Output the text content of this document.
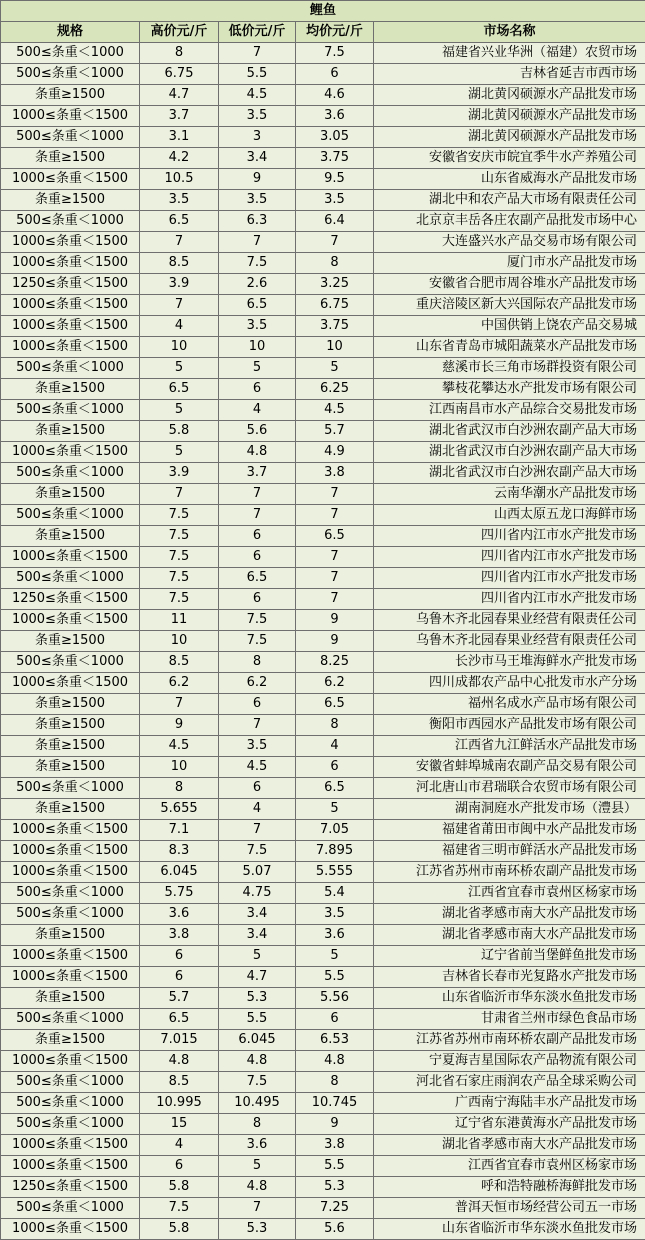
鲤鱼				
规格	高价元/斤	低价元/斤	均价元/斤	市场名称
500≤条重＜1000	8	7	7.5	福建省兴业华洲（福建）农贸市场
500≤条重＜1000	6.75	5.5	6	吉林省延吉市西市场
条重≥1500	4.7	4.5	4.6	湖北黄冈硕源水产品批发市场
1000≤条重＜1500	3.7	3.5	3.6	湖北黄冈硕源水产品批发市场
500≤条重＜1000	3.1	3	3.05	湖北黄冈硕源水产品批发市场
条重≥1500	4.2	3.4	3.75	安徽省安庆市皖宜季牛水产养殖公司
1000≤条重＜1500	10.5	9	9.5	山东省威海水产品批发市场
条重≥1500	3.5	3.5	3.5	湖北中和农产品大市场有限责任公司
500≤条重＜1000	6.5	6.3	6.4	北京京丰岳各庄农副产品批发市场中心
1000≤条重＜1500	7	7	7	大连盛兴水产品交易市场有限公司
1000≤条重＜1500	8.5	7.5	8	厦门市水产品批发市场
1250≤条重＜1500	3.9	2.6	3.25	安徽省合肥市周谷堆水产品批发市场
1000≤条重＜1500	7	6.5	6.75	重庆涪陵区新大兴国际农产品批发市场
1000≤条重＜1500	4	3.5	3.75	中国供销上饶农产品交易城
1000≤条重＜1500	10	10	10	山东省青岛市城阳蔬菜水产品批发市场
500≤条重＜1000	5	5	5	慈溪市长三角市场群投资有限公司
条重≥1500	6.5	6	6.25	攀枝花攀达水产批发市场有限公司
500≤条重＜1000	5	4	4.5	江西南昌市水产品综合交易批发市场
条重≥1500	5.8	5.6	5.7	湖北省武汉市白沙洲农副产品大市场
1000≤条重＜1500	5	4.8	4.9	湖北省武汉市白沙洲农副产品大市场
500≤条重＜1000	3.9	3.7	3.8	湖北省武汉市白沙洲农副产品大市场
条重≥1500	7	7	7	云南华潮水产品批发市场
500≤条重＜1000	7.5	7	7	山西太原五龙口海鲜市场
条重≥1500	7.5	6	6.5	四川省内江市水产批发市场
1000≤条重＜1500	7.5	6	7	四川省内江市水产批发市场
500≤条重＜1000	7.5	6.5	7	四川省内江市水产批发市场
1250≤条重＜1500	7.5	6	7	四川省内江市水产批发市场
1000≤条重＜1500	11	7.5	9	乌鲁木齐北园春果业经营有限责任公司
条重≥1500	10	7.5	9	乌鲁木齐北园春果业经营有限责任公司
500≤条重＜1000	8.5	8	8.25	长沙市马王堆海鲜水产批发市场
1000≤条重＜1500	6.2	6.2	6.2	四川成都农产品中心批发市水产分场
条重≥1500	7	6	6.5	福州名成水产品市场有限公司
条重≥1500	9	7	8	衡阳市西园水产品批发市场有限公司
条重≥1500	4.5	3.5	4	江西省九江鲜活水产品批发市场
条重≥1500	10	4.5	6	安徽省蚌埠城南农副产品交易有限公司
500≤条重＜1000	8	6	6.5	河北唐山市君瑞联合农贸市场有限公司
条重≥1500	5.655	4	5	湖南洞庭水产批发市场（澧县）
1000≤条重＜1500	7.1	7	7.05	福建省莆田市闽中水产品批发市场
1000≤条重＜1500	8.3	7.5	7.895	福建省三明市鲜活水产品批发市场
1000≤条重＜1500	6.045	5.07	5.555	江苏省苏州市南环桥农副产品批发市场
500≤条重＜1000	5.75	4.75	5.4	江西省宜春市袁州区杨家市场
500≤条重＜1000	3.6	3.4	3.5	湖北省孝感市南大水产品批发市场
条重≥1500	3.8	3.4	3.6	湖北省孝感市南大水产品批发市场
1000≤条重＜1500	6	5	5	辽宁省前当堡鲜鱼批发市场
1000≤条重＜1500	6	4.7	5.5	吉林省长春市光复路水产批发市场
条重≥1500	5.7	5.3	5.56	山东省临沂市华东淡水鱼批发市场
500≤条重＜1000	6.5	5.5	6	甘肃省兰州市绿色食品市场
条重≥1500	7.015	6.045	6.53	江苏省苏州市南环桥农副产品批发市场
1000≤条重＜1500	4.8	4.8	4.8	宁夏海吉星国际农产品物流有限公司
500≤条重＜1000	8.5	7.5	8	河北省石家庄雨润农产品全球采购公司
500≤条重＜1000	10.995	10.495	10.745	广西南宁海陆丰水产品批发市场
500≤条重＜1000	15	8	9	辽宁省东港黄海水产品批发市场
1000≤条重＜1500	4	3.6	3.8	湖北省孝感市南大水产品批发市场
1000≤条重＜1500	6	5	5.5	江西省宜春市袁州区杨家市场
1250≤条重＜1500	5.8	4.8	5.3	呼和浩特融桥海鲜批发市场
500≤条重＜1000	7.5	7	7.25	普洱天恒市场经营公司五一市场
1000≤条重＜1500	5.8	5.3	5.6	山东省临沂市华东淡水鱼批发市场
